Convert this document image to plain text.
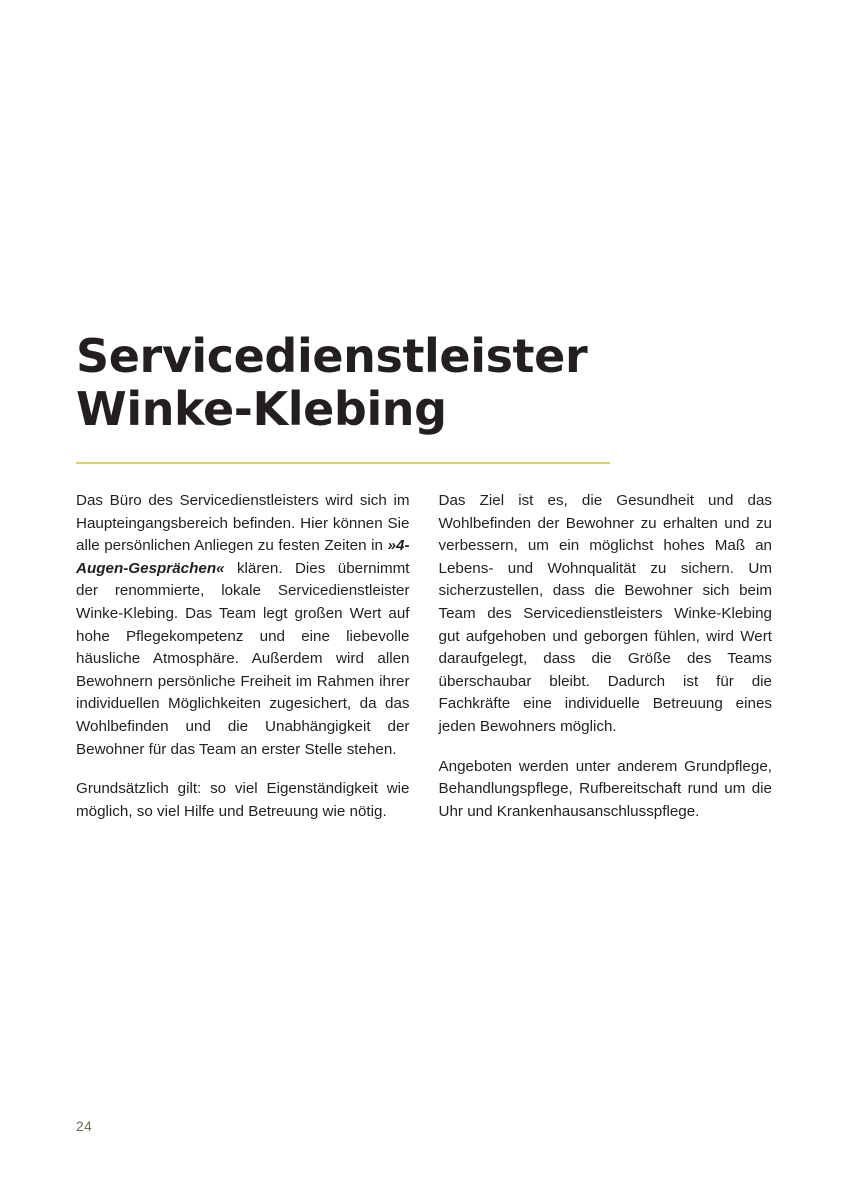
Servicedienstleister
Winke-Klebing

Das Büro des Servicedienstleisters wird sich im Haupteingangsbereich befinden. Hier können Sie alle persönlichen Anliegen zu festen Zeiten in »4-Augen-Gesprächen« klären. Dies übernimmt der renommierte, lokale Servicedienstleister Winke-Klebing. Das Team legt großen Wert auf hohe Pflegekompetenz und eine liebevolle häusliche Atmosphäre. Außerdem wird allen Bewohnern persönliche Freiheit im Rahmen ihrer individuellen Möglichkeiten zugesichert, da das Wohlbefinden und die Unabhängigkeit der Bewohner für das Team an erster Stelle stehen.

Grundsätzlich gilt: so viel Eigenständigkeit wie möglich, so viel Hilfe und Betreuung wie nötig.

Das Ziel ist es, die Gesundheit und das Wohlbefinden der Bewohner zu erhalten und zu verbessern, um ein möglichst hohes Maß an Lebens- und Wohnqualität zu sichern. Um sicherzustellen, dass die Bewohner sich beim Team des Servicedienstleisters Winke-Klebing gut aufgehoben und geborgen fühlen, wird Wert daraufgelegt, dass die Größe des Teams überschaubar bleibt. Dadurch ist für die Fachkräfte eine individuelle Betreuung eines jeden Bewohners möglich.

Angeboten werden unter anderem Grundpflege, Behandlungspflege, Rufbereitschaft rund um die Uhr und Krankenhausanschlusspflege.

24
